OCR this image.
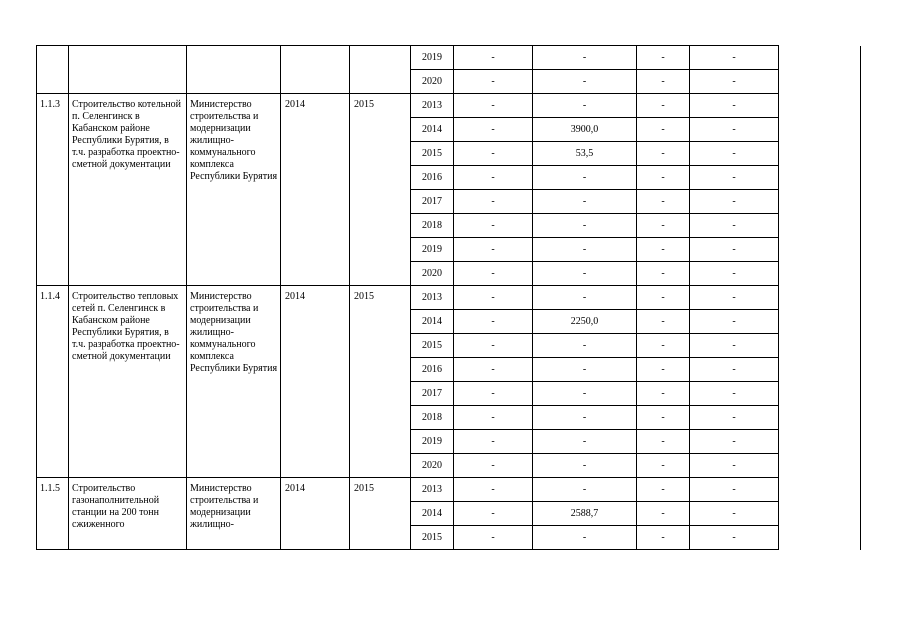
					2019	-	-	-	-	
					2020	-	-	-	-	
1.1.3	Строительство котельной п. Селенгинск в Кабанском районе Республики Бурятия, в т.ч. разработка проектно-сметной документации	Министерство строительства и модернизации жилищно-коммунального комплекса Республики Бурятия	2014	2015	2013	-	-	-	-	
					2014	-	3900,0	-	-	
					2015	-	53,5	-	-	
					2016	-	-	-	-	
					2017	-	-	-	-	
					2018	-	-	-	-	
					2019	-	-	-	-	
					2020	-	-	-	-	
1.1.4	Строительство тепловых сетей п. Селенгинск в Кабанском районе Республики Бурятия, в т.ч. разработка проектно-сметной документации	Министерство строительства и модернизации жилищно-коммунального комплекса Республики Бурятия	2014	2015	2013	-	-	-	-	
					2014	-	2250,0	-	-	
					2015	-	-	-	-	
					2016	-	-	-	-	
					2017	-	-	-	-	
					2018	-	-	-	-	
					2019	-	-	-	-	
					2020	-	-	-	-	
1.1.5	Строительство газонаполнительной станции на 200 тонн сжиженного	Министерство строительства и модернизации жилищно-	2014	2015	2013	-	-	-	-	
					2014	-	2588,7	-	-	
					2015	-	-	-	-	
